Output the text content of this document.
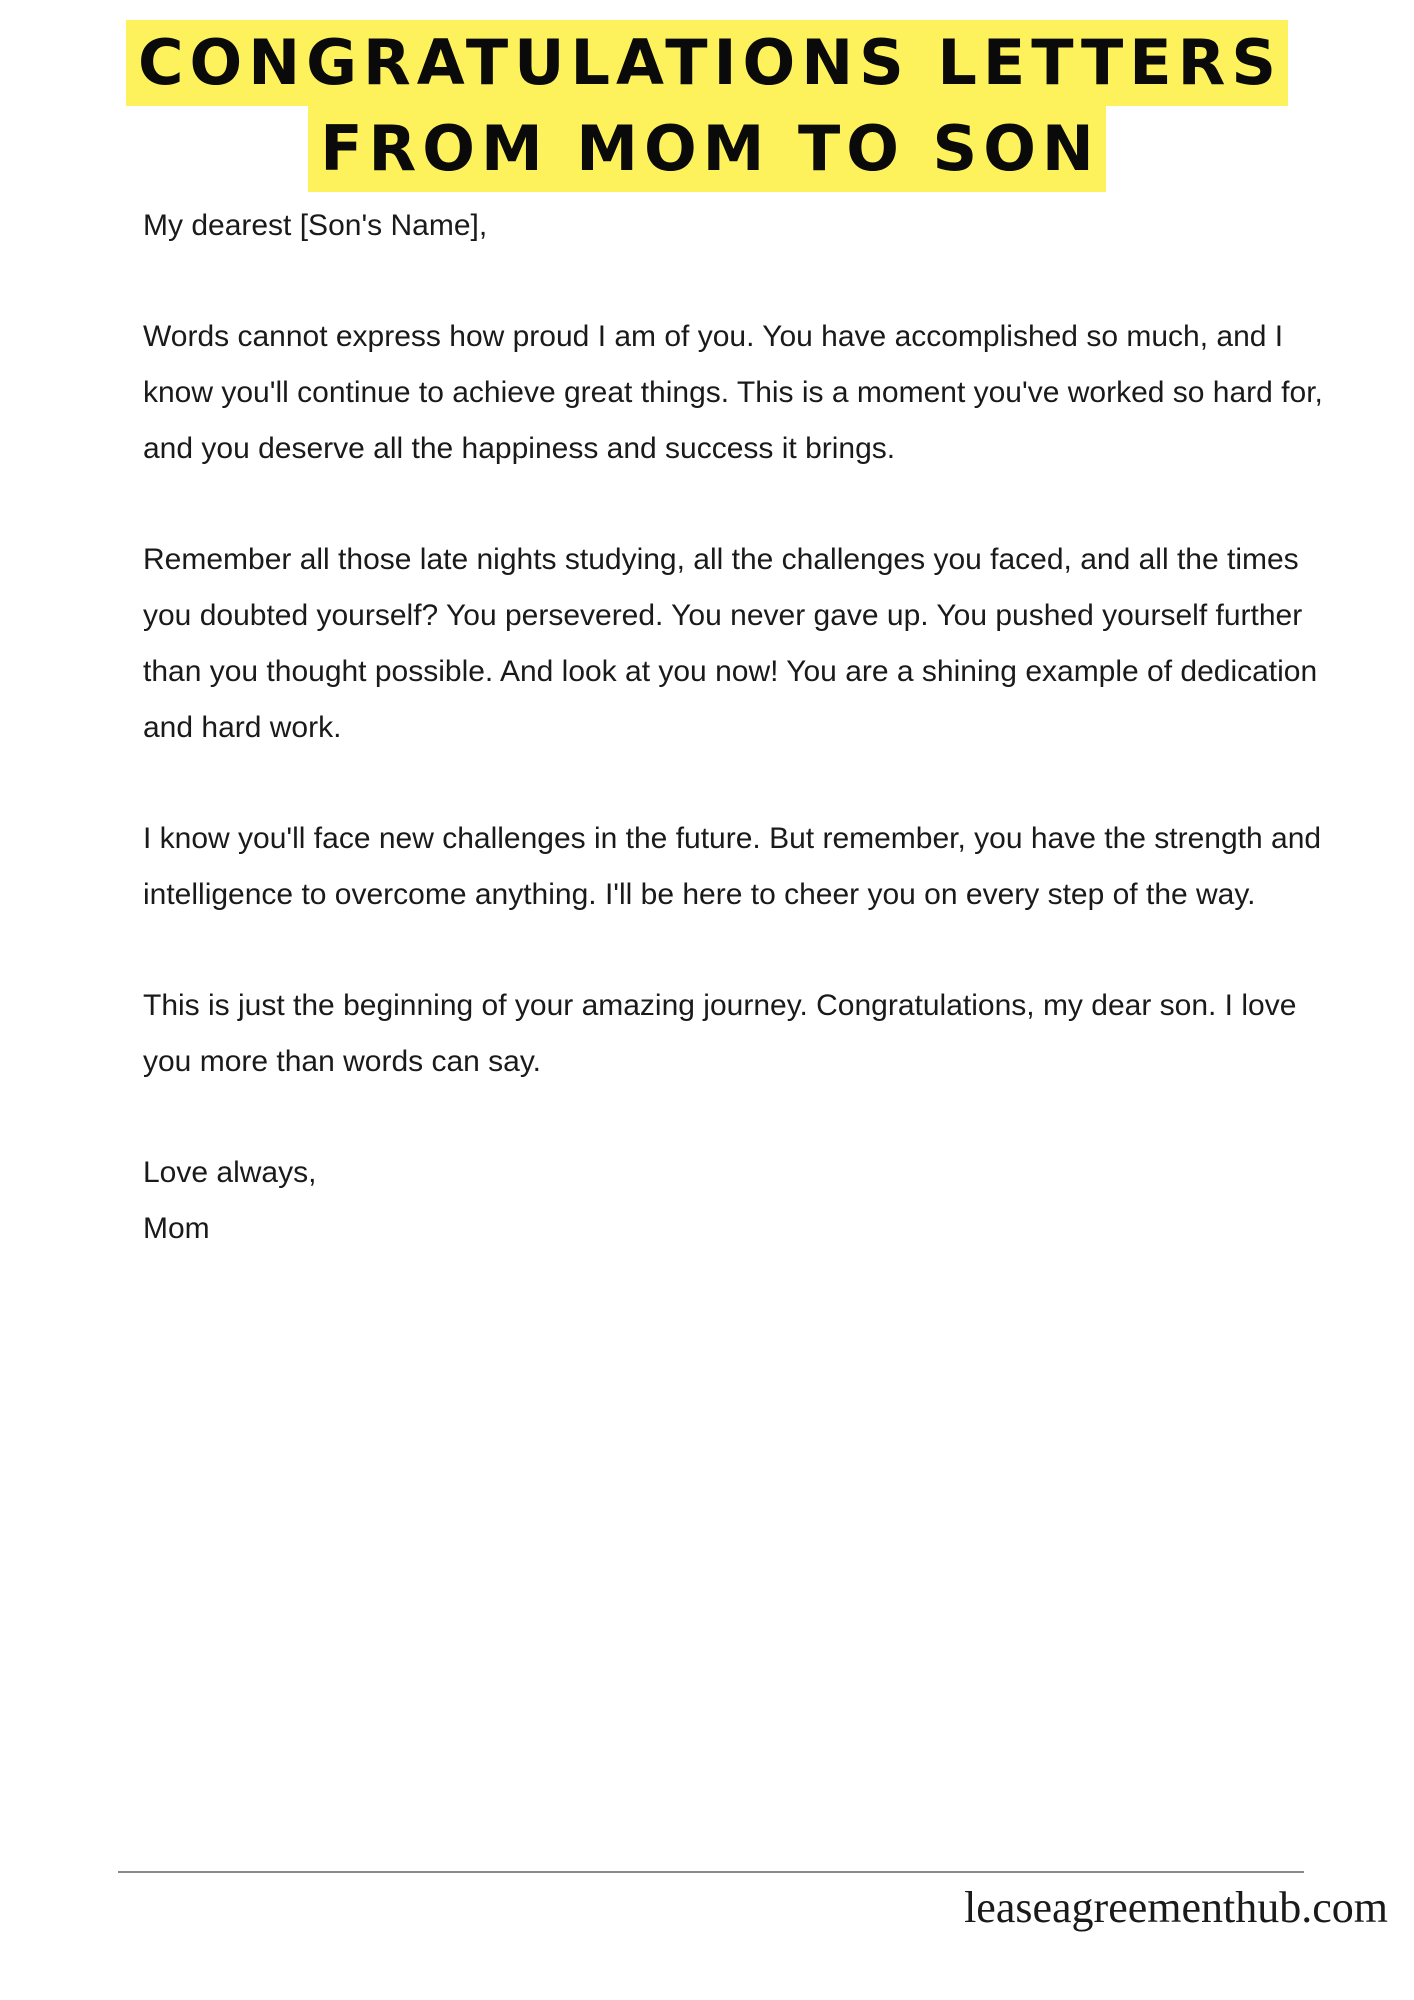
CONGRATULATIONS LETTERS
FROM MOM TO SON

My dearest [Son's Name],

Words cannot express how proud I am of you. You have accomplished so much, and I know you'll continue to achieve great things. This is a moment you've worked so hard for, and you deserve all the happiness and success it brings.

Remember all those late nights studying, all the challenges you faced, and all the times you doubted yourself? You persevered. You never gave up. You pushed yourself further than you thought possible. And look at you now! You are a shining example of dedication and hard work.

I know you'll face new challenges in the future. But remember, you have the strength and intelligence to overcome anything. I'll be here to cheer you on every step of the way.

This is just the beginning of your amazing journey. Congratulations, my dear son. I love you more than words can say.

Love always,

Mom

leaseagreementhub.com
